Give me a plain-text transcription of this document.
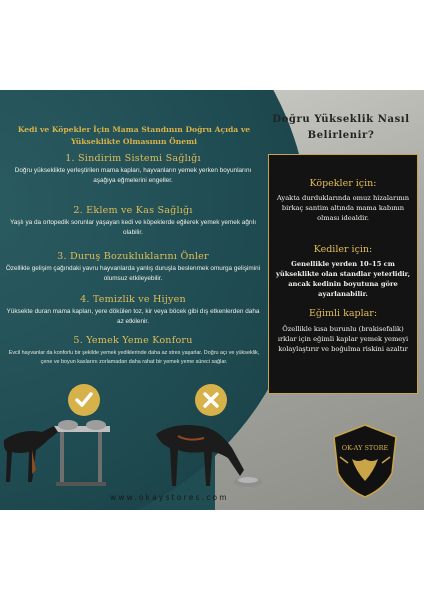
Kedi ve Köpekler İçin Mama Standının Doğru Açıda ve Yükseklikte Olmasının Önemi
1. Sindirim Sistemi Sağlığı
Doğru yükseklikte yerleştirilen mama kapları, hayvanların yemek yerken boyunlarını aşağıya eğmelerini engeller.
2. Eklem ve Kas Sağlığı
Yaşlı ya da ortopedik sorunlar yaşayan kedi ve köpeklerde eğilerek yemek yemek ağrılı olabilir.
3. Duruş Bozukluklarını Önler
Özellikle gelişim çağındaki yavru hayvanlarda yanlış duruşla beslenmek omurga gelişimini olumsuz etkileyebilir.
4. Temizlik ve Hijyen
Yüksekte duran mama kapları, yere dökülen toz, kir veya böcek gibi dış etkenlerden daha az etkilenir.
5. Yemek Yeme Konforu
Evcil hayvanlar da konforlu bir şekilde yemek yediklerinde daha az stres yaşarlar. Doğru açı ve yükseklik, çene ve boyun kaslarını zorlamadan daha rahat bir yemek yeme süreci sağlar.
Doğru Yükseklik Nasıl Belirlenir?
Köpekler için:
Ayakta durduklarında omuz hizalarının birkaç santim altında mama kabının olması idealdir.
Kediler için:
Genellikle yerden 10–15 cm yükseklikte olan standlar yeterlidir, ancak kedinin boyutuna göre ayarlanabilir.
Eğimli kaplar:
Özellikle kısa burunlu (brakisefalik) ırklar için eğimli kaplar yemek yemeyi kolaylaştırır ve boğulma riskini azaltır
OK-AY STORE
www.okaystores.com
